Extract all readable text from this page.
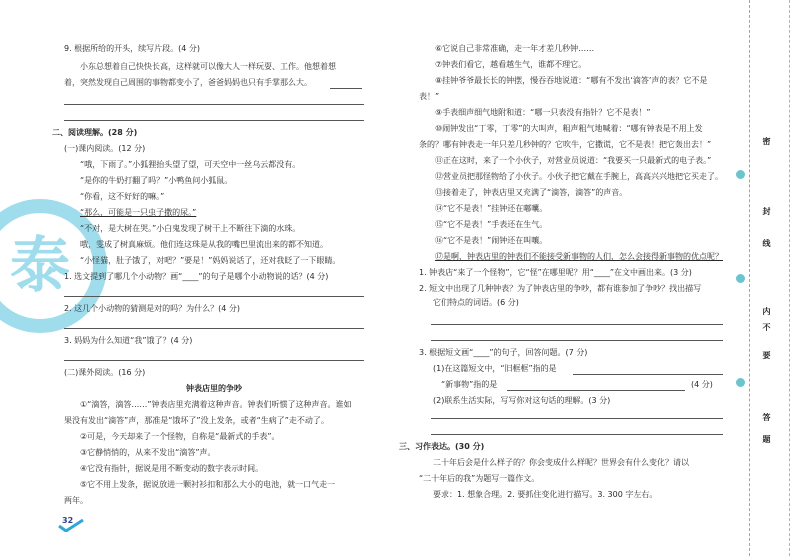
泰
9. 根据所给的开头，续写片段。(4 分)
小东总想着自己快快长高，这样就可以像大人一样玩耍、工作。他想着想
着，突然发现自己周围的事物都变小了，爸爸妈妈也只有手掌那么大。
二、阅读理解。(28 分)
(一)课内阅读。(12 分)
“哦，下雨了。”小狐狸抬头望了望，可天空中一丝乌云都没有。
“是你的牛奶打翻了吗？”小鸭鱼问小狐鼠。
“你看，这不好好的嘛。”
“那么，可能是一只虫子撒的尿。”
“不对，是大树在哭。”小白鬼发现了树干上不断往下滴的水珠。
哦，雯成了树真麻烦。他们连这珠是从我的嘴巴里流出来的都不知道。
“小怪猫，肚子饿了，对吧？”要是！”妈妈说话了，还对我眨了一下眼睛。
1. 选文提到了哪几个小动物？画“____”的句子是哪个小动物说的话？(4 分)
2. 这几个小动物的猜测是对的吗？为什么？(4 分)
3. 妈妈为什么知道“我”饿了？(4 分)
(二)课外阅读。(16 分)
钟表店里的争吵
①“滴答，滴答……”钟表店里充满着这种声音。钟表们听惯了这种声音。谁如
果没有发出“滴答”声，那准是“饿坏了”没上发条，或者“生病了”走不动了。
②可是，今天却来了一个怪物，自称是“最新式的手表”。
③它静悄悄的，从来不发出“滴答”声。
④它没有指针，据说是用不断变动的数字表示时间。
⑤它不用上发条，据说放进一颗衬衫扣和那么大小的电池，就一口气走一
两年。
32
⑥它说自己非常准确，走一年才差几秒钟……
⑦钟表们看它，越看越生气，谁都不理它。
⑧挂钟爷爷最长长的钟摆，慢吞吞地说道：“哪有不发出‘滴答’声的表？它不是
表！”
⑨手表细声细气地附和道：“哪一只表没有指针？它不是表！”
⑩闹钟发出“丁零，丁零”的大叫声，粗声粗气地喊着：“哪有钟表是不用上发
条的？哪有钟表走一年只差几秒钟的？它吹牛，它撒谎，它不是表！把它轰出去！”
⑪正在这时，来了一个小伙子，对营业员说道：“我要买一只最新式的电子表。”
⑫营业员把那怪物给了小伙子。小伙子把它戴在手腕上，高高兴兴地把它买走了。
⑬接着走了，钟表店里又充满了“滴答，滴答”的声音。
⑭“它不是表！”挂钟还在嘟囔。
⑮“它不是表！”手表还在生气。
⑯“它不是表！”闹钟还在叫嚷。
⑰是啊，钟表店里的钟表们不能接受新事物的人们，怎么会接得新事物的优点呢？
1. 钟表店“来了一个怪物”，它“怪”在哪里呢？用“____”在文中画出来。(3 分)
2. 短文中出现了几种钟表？为了钟表店里的争吵，都有谁参加了争吵？找出描写
它们特点的词语。(6 分)
3. 根据短文画“____”的句子，回答问题。(7 分)
(1)在这篇短文中，“旧框框”指的是
“新事物”指的是	(4 分)
(2)联系生活实际，写写你对这句话的理解。(3 分)
三、习作表达。(30 分)
二十年后会是什么样子的？你会变成什么样呢？世界会有什么变化？请以
“二十年后的我”为题写一篇作文。
要求：1. 想象合理。2. 要抓住变化进行描写。3. 300 字左右。
密
封
线
内
不
要
答
题
